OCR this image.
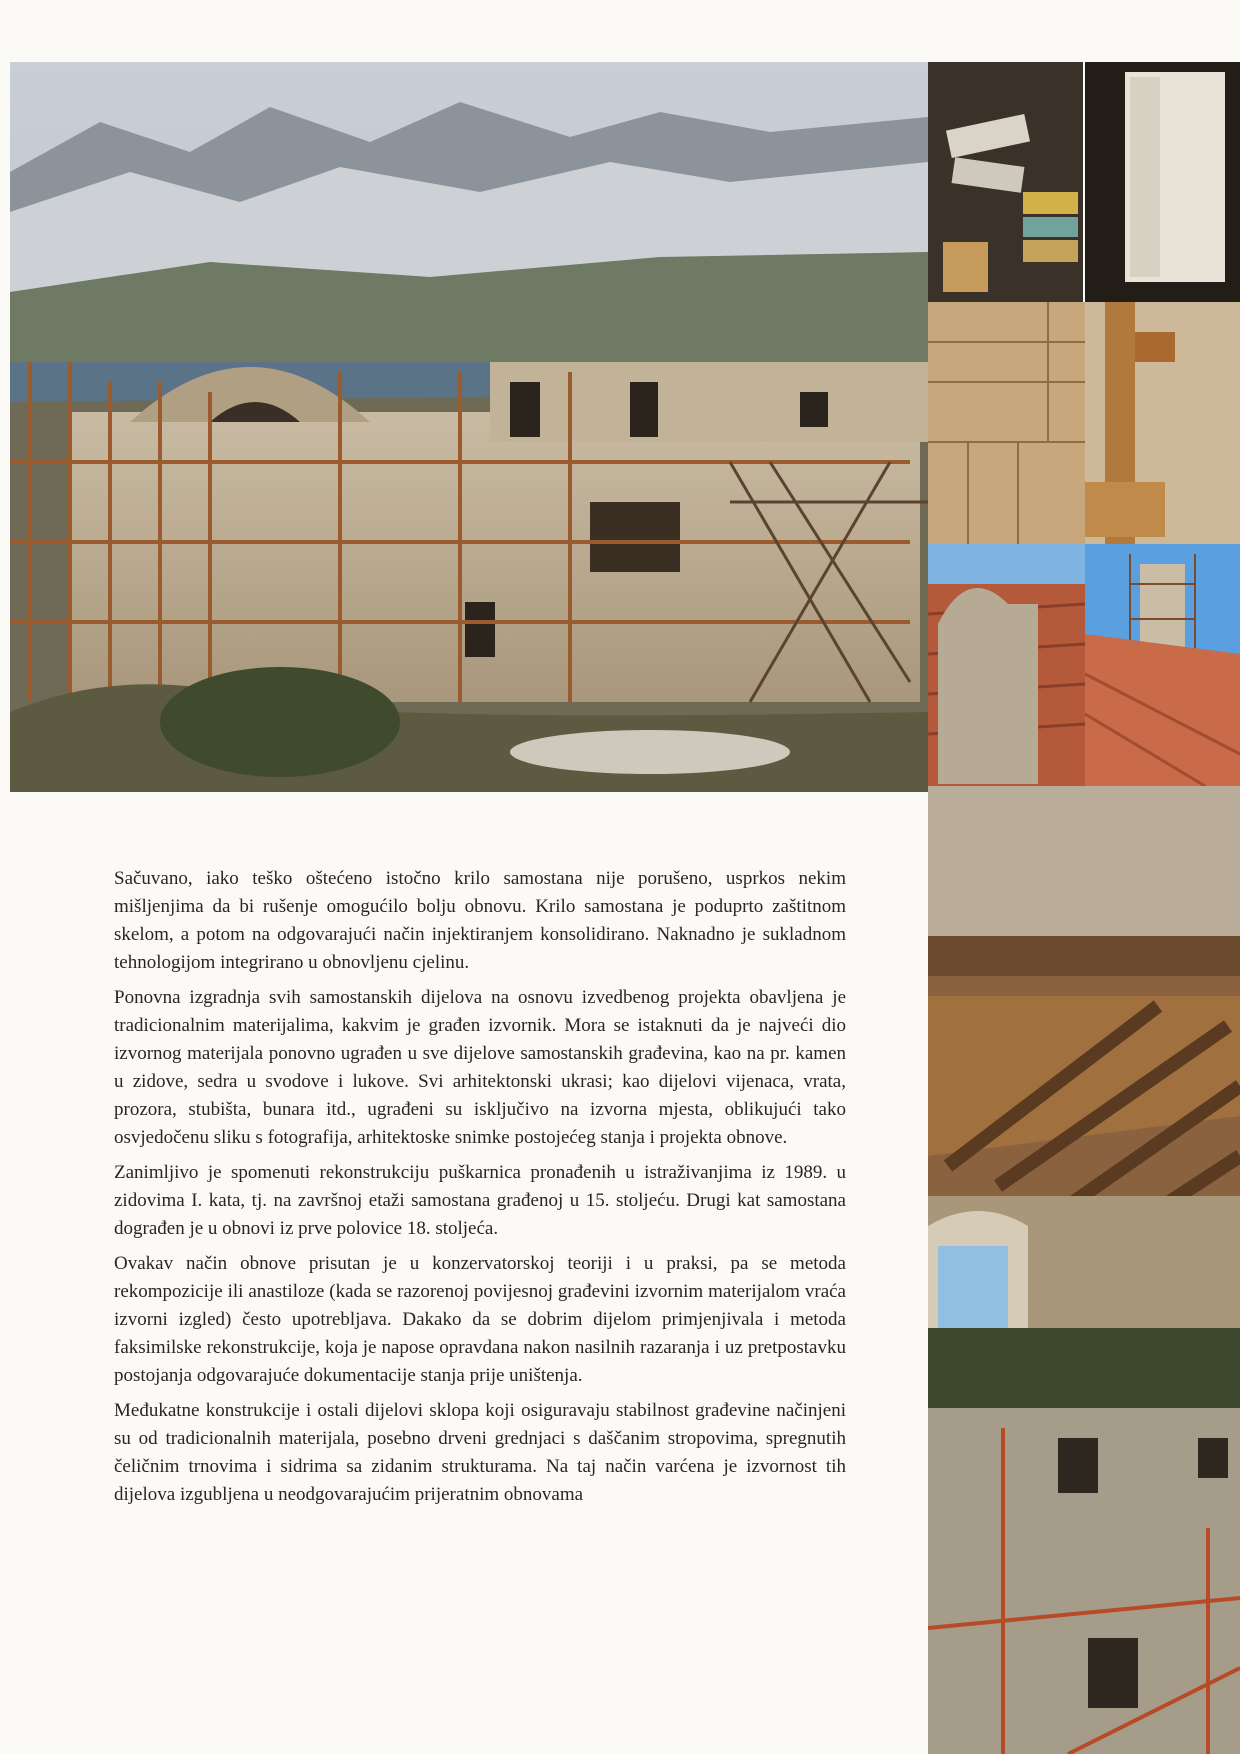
Sačuvano, iako teško oštećeno istočno krilo samostana nije porušeno, usprkos nekim mišljenjima da bi rušenje omogućilo bolju obnovu. Krilo samostana je poduprto zaštitnom skelom, a potom na odgovarajući način injektiranjem konsolidirano. Naknadno je sukladnom tehnologijom integrirano u obnovljenu cjelinu.

Ponovna izgradnja svih samostanskih dijelova na osnovu izvedbenog projekta obavljena je tradicionalnim materijalima, kakvim je građen izvornik. Mora se istaknuti da je najveći dio izvornog materijala ponovno ugrađen u sve dijelove samostanskih građevina, kao na pr. kamen u zidove, sedra u svodove i lukove. Svi arhitektonski ukrasi; kao dijelovi vijenaca, vrata, prozora, stubišta, bunara itd., ugrađeni su isključivo na izvorna mjesta, oblikujući tako osvjedočenu sliku s fotografija, arhitektoske snimke postojećeg stanja i projekta obnove.

Zanimljivo je spomenuti rekonstrukciju puškarnica pronađenih u istraživanjima iz 1989. u zidovima I. kata, tj. na završnoj etaži samostana građenoj u 15. stoljeću. Drugi kat samostana dograđen je u obnovi iz prve polovice 18. stoljeća.

Ovakav način obnove prisutan je u konzervatorskoj teoriji i u praksi, pa se metoda rekompozicije ili anastiloze (kada se razorenoj povijesnoj građevini izvornim materijalom vraća izvorni izgled) često upotrebljava. Dakako da se dobrim dijelom primjenjivala i metoda faksimilske rekonstrukcije, koja je napose opravdana nakon nasilnih razaranja i uz pretpostavku postojanja odgovarajuće dokumentacije stanja prije uništenja.

Međukatne konstrukcije i ostali dijelovi sklopa koji osiguravaju stabilnost građevine načinjeni su od tradicionalnih materijala, posebno drveni grednjaci s daščanim stropovima, spregnutih čeličnim trnovima i sidrima sa zidanim strukturama. Na taj način varćena je izvornost tih dijelova izgubljena u neodgovarajućim prijeratnim obnovama
